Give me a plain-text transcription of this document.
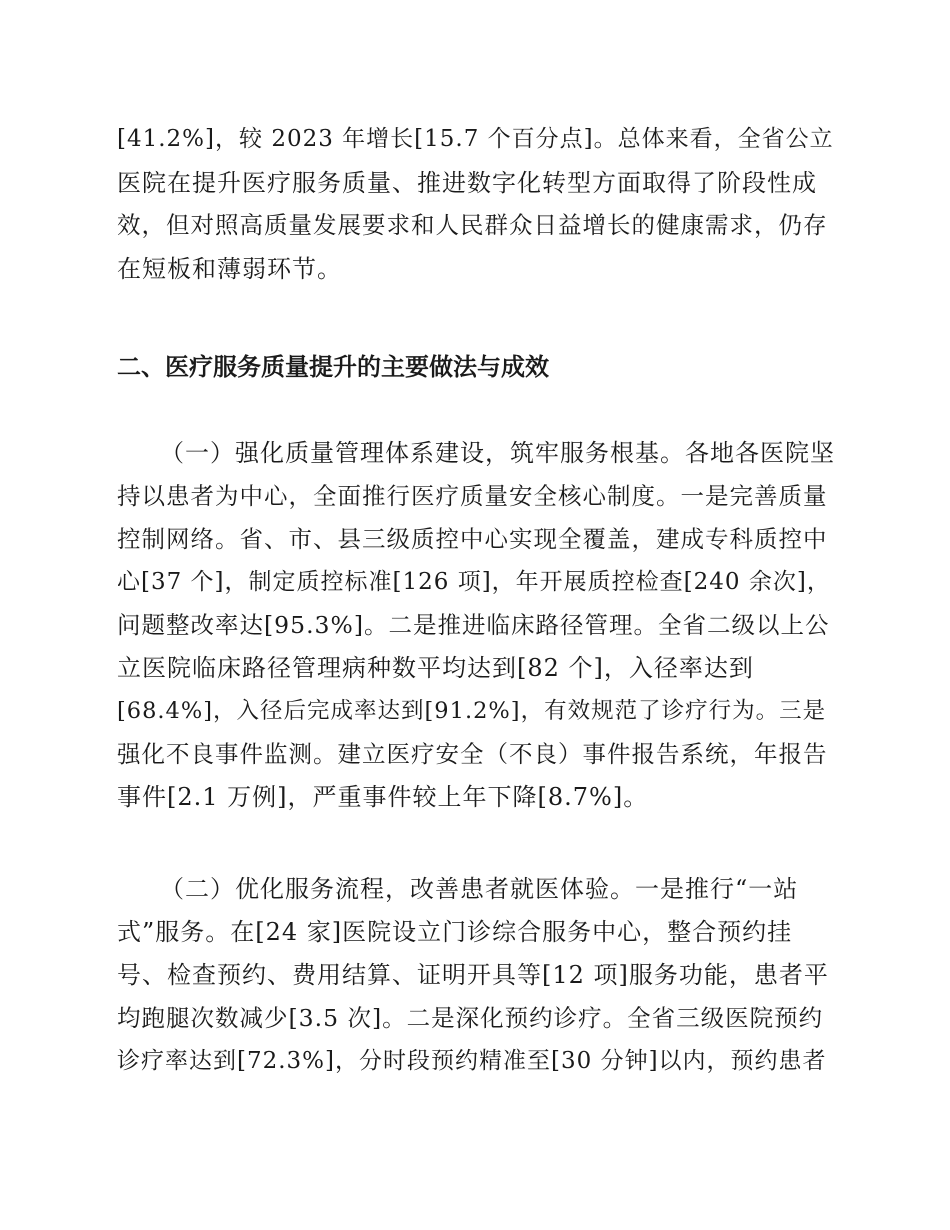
[41.2%]，较 2023 年增长[15.7 个百分点]。总体来看，全省公立
医院在提升医疗服务质量、推进数字化转型方面取得了阶段性成
效，但对照高质量发展要求和人民群众日益增长的健康需求，仍存
在短板和薄弱环节。
二、医疗服务质量提升的主要做法与成效
（一）强化质量管理体系建设，筑牢服务根基。各地各医院坚
持以患者为中心，全面推行医疗质量安全核心制度。一是完善质量
控制网络。省、市、县三级质控中心实现全覆盖，建成专科质控中
心[37 个]，制定质控标准[126 项]，年开展质控检查[240 余次]，
问题整改率达[95.3%]。二是推进临床路径管理。全省二级以上公
立医院临床路径管理病种数平均达到[82 个]，入径率达到
[68.4%]，入径后完成率达到[91.2%]，有效规范了诊疗行为。三是
强化不良事件监测。建立医疗安全（不良）事件报告系统，年报告
事件[2.1 万例]，严重事件较上年下降[8.7%]。
（二）优化服务流程，改善患者就医体验。一是推行“一站
式”服务。在[24 家]医院设立门诊综合服务中心，整合预约挂
号、检查预约、费用结算、证明开具等[12 项]服务功能，患者平
均跑腿次数减少[3.5 次]。二是深化预约诊疗。全省三级医院预约
诊疗率达到[72.3%]，分时段预约精准至[30 分钟]以内，预约患者
